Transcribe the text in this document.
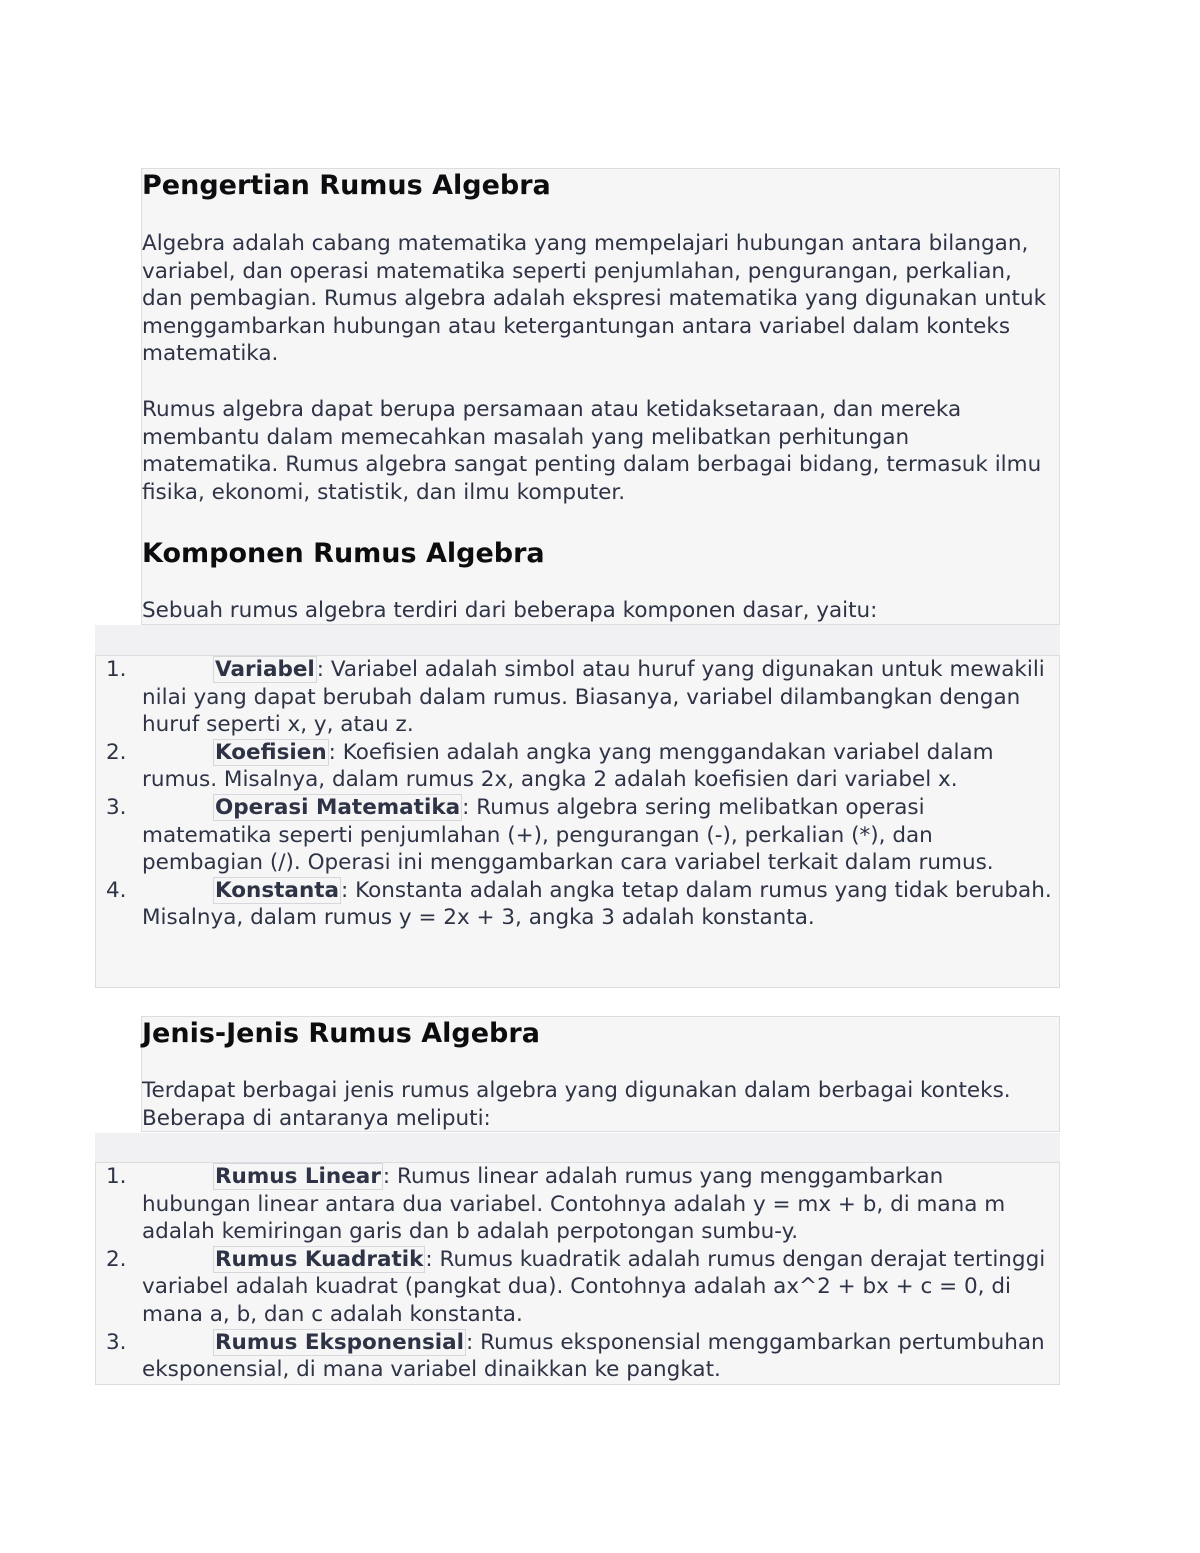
Pengertian Rumus Algebra

Algebra adalah cabang matematika yang mempelajari hubungan antara bilangan, variabel, dan operasi matematika seperti penjumlahan, pengurangan, perkalian, dan pembagian. Rumus algebra adalah ekspresi matematika yang digunakan untuk menggambarkan hubungan atau ketergantungan antara variabel dalam konteks matematika.

Rumus algebra dapat berupa persamaan atau ketidaksetaraan, dan mereka membantu dalam memecahkan masalah yang melibatkan perhitungan matematika. Rumus algebra sangat penting dalam berbagai bidang, termasuk ilmu fisika, ekonomi, statistik, dan ilmu komputer.

Komponen Rumus Algebra

Sebuah rumus algebra terdiri dari beberapa komponen dasar, yaitu:

1.	Variabel: Variabel adalah simbol atau huruf yang digunakan untuk mewakili nilai yang dapat berubah dalam rumus. Biasanya, variabel dilambangkan dengan huruf seperti x, y, atau z.
2.	Koefisien: Koefisien adalah angka yang menggandakan variabel dalam rumus. Misalnya, dalam rumus 2x, angka 2 adalah koefisien dari variabel x.
3.	Operasi Matematika: Rumus algebra sering melibatkan operasi matematika seperti penjumlahan (+), pengurangan (-), perkalian (*), dan pembagian (/). Operasi ini menggambarkan cara variabel terkait dalam rumus.
4.	Konstanta: Konstanta adalah angka tetap dalam rumus yang tidak berubah. Misalnya, dalam rumus y = 2x + 3, angka 3 adalah konstanta.
Jenis-Jenis Rumus Algebra

Terdapat berbagai jenis rumus algebra yang digunakan dalam berbagai konteks. Beberapa di antaranya meliputi:

1.	Rumus Linear: Rumus linear adalah rumus yang menggambarkan hubungan linear antara dua variabel. Contohnya adalah y = mx + b, di mana m adalah kemiringan garis dan b adalah perpotongan sumbu-y.
2.	Rumus Kuadratik: Rumus kuadratik adalah rumus dengan derajat tertinggi variabel adalah kuadrat (pangkat dua). Contohnya adalah ax^2 + bx + c = 0, di mana a, b, dan c adalah konstanta.
3.	Rumus Eksponensial: Rumus eksponensial menggambarkan pertumbuhan eksponensial, di mana variabel dinaikkan ke pangkat.
